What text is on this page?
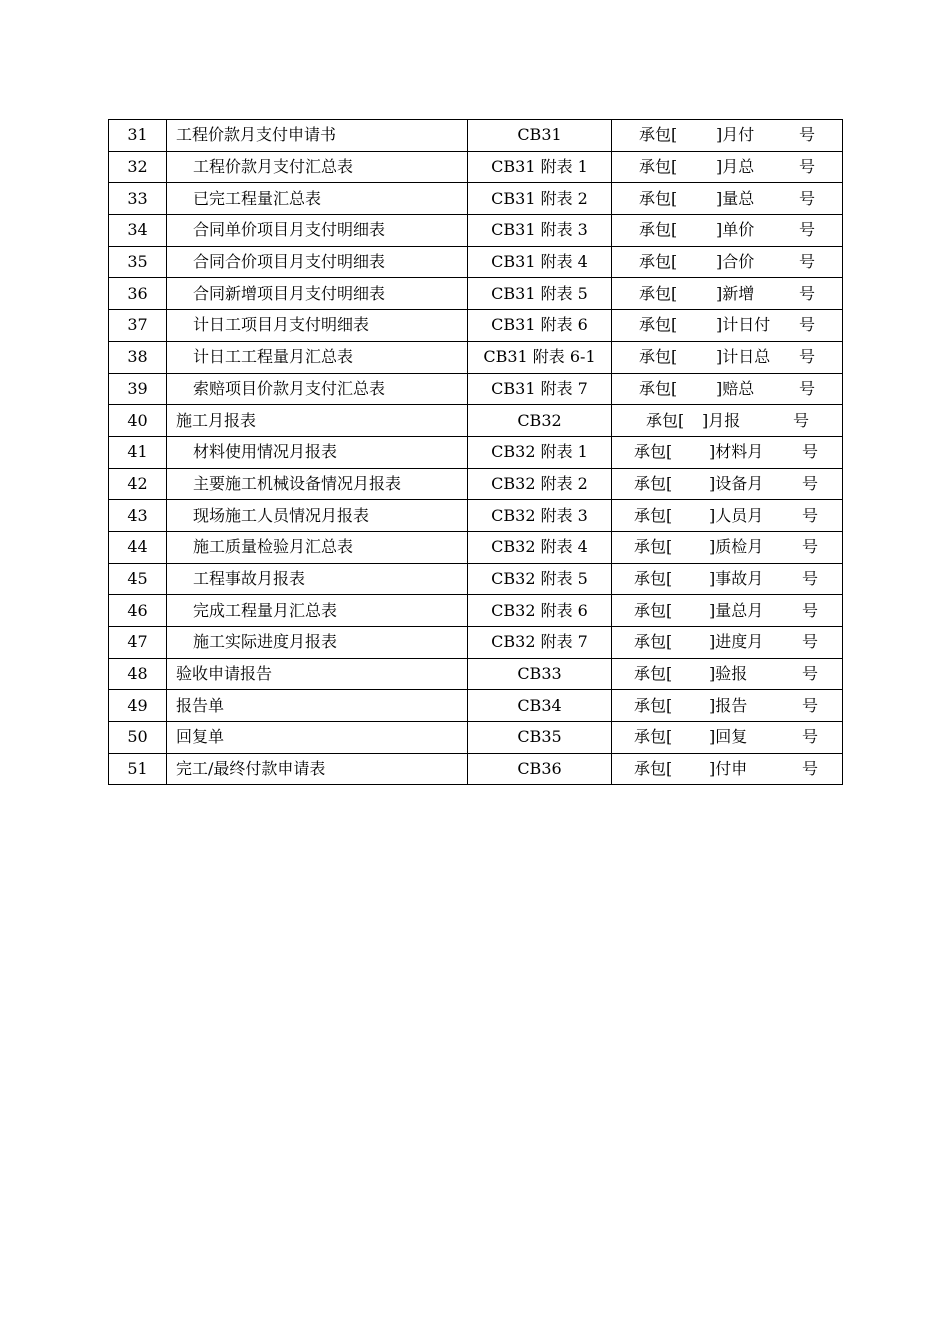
31	工程价款月支付申请书	CB31	承包[ ]月付 号

32	工程价款月支付汇总表	CB31 附表 1	承包[ ]月总 号

33	已完工程量汇总表	CB31 附表 2	承包[ ]量总 号

34	合同单价项目月支付明细表	CB31 附表 3	承包[ ]单价 号

35	合同合价项目月支付明细表	CB31 附表 4	承包[ ]合价 号

36	合同新增项目月支付明细表	CB31 附表 5	承包[ ]新增 号

37	计日工项目月支付明细表	CB31 附表 6	承包[ ]计日付 号

38	计日工工程量月汇总表	CB31 附表 6-1	承包[ ]计日总 号

39	索赔项目价款月支付汇总表	CB31 附表 7	承包[ ]赔总 号

40	施工月报表	CB32	承包[ ]月报 号

41	材料使用情况月报表	CB32 附表 1	承包[ ]材料月 号

42	主要施工机械设备情况月报表	CB32 附表 2	承包[ ]设备月 号

43	现场施工人员情况月报表	CB32 附表 3	承包[ ]人员月 号

44	施工质量检验月汇总表	CB32 附表 4	承包[ ]质检月 号

45	工程事故月报表	CB32 附表 5	承包[ ]事故月 号

46	完成工程量月汇总表	CB32 附表 6	承包[ ]量总月 号

47	施工实际进度月报表	CB32 附表 7	承包[ ]进度月 号

48	验收申请报告	CB33	承包[ ]验报 号

49	报告单	CB34	承包[ ]报告 号

50	回复单	CB35	承包[ ]回复 号

51	完工/最终付款申请表	CB36	承包[ ]付申 号
